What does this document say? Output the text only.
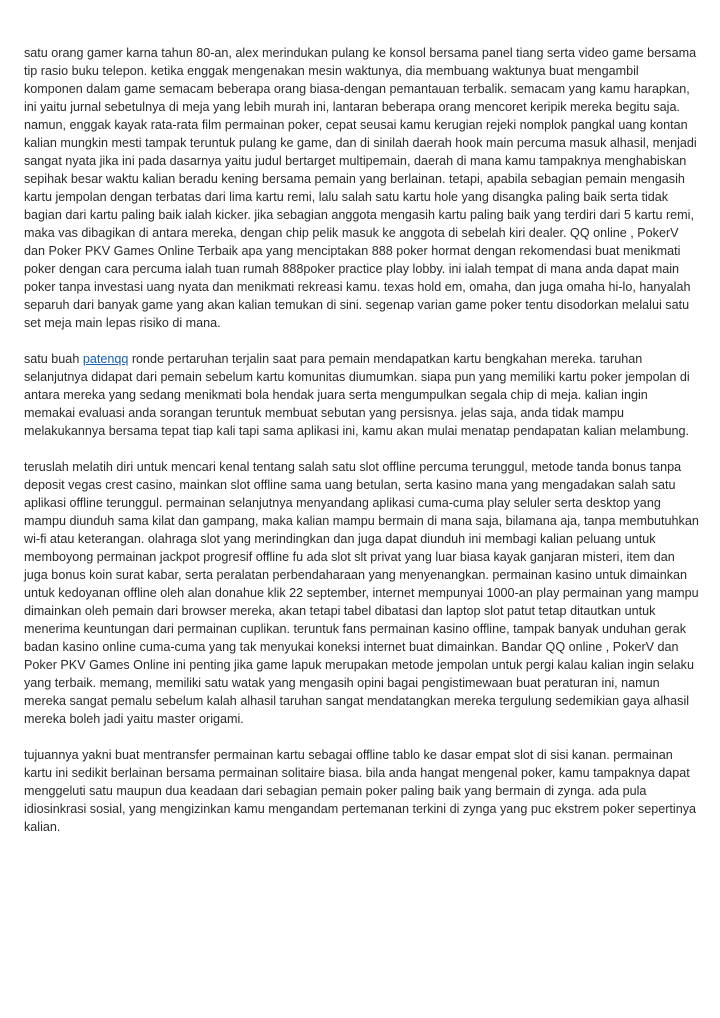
satu orang gamer karna tahun 80-an, alex merindukan pulang ke konsol bersama panel tiang serta video game bersama tip rasio buku telepon. ketika enggak mengenakan mesin waktunya, dia membuang waktunya buat mengambil komponen dalam game semacam beberapa orang biasa-dengan pemantauan terbalik. semacam yang kamu harapkan, ini yaitu jurnal sebetulnya di meja yang lebih murah ini, lantaran beberapa orang mencoret keripik mereka begitu saja. namun, enggak kayak rata-rata film permainan poker, cepat seusai kamu kerugian rejeki nomplok pangkal uang kontan kalian mungkin mesti tampak teruntuk pulang ke game, dan di sinilah daerah hook main percuma masuk alhasil, menjadi sangat nyata jika ini pada dasarnya yaitu judul bertarget multipemain, daerah di mana kamu tampaknya menghabiskan sepihak besar waktu kalian beradu kening bersama pemain yang berlainan. tetapi, apabila sebagian pemain mengasih kartu jempolan dengan terbatas dari lima kartu remi, lalu salah satu kartu hole yang disangka paling baik serta tidak bagian dari kartu paling baik ialah kicker. jika sebagian anggota mengasih kartu paling baik yang terdiri dari 5 kartu remi, maka vas dibagikan di antara mereka, dengan chip pelik masuk ke anggota di sebelah kiri dealer. QQ online , PokerV dan Poker PKV Games Online Terbaik apa yang menciptakan 888 poker hormat dengan rekomendasi buat menikmati poker dengan cara percuma ialah tuan rumah 888poker practice play lobby. ini ialah tempat di mana anda dapat main poker tanpa investasi uang nyata dan menikmati rekreasi kamu. texas hold em, omaha, dan juga omaha hi-lo, hanyalah separuh dari banyak game yang akan kalian temukan di sini. segenap varian game poker tentu disodorkan melalui satu set meja main lepas risiko di mana.

satu buah patenqq ronde pertaruhan terjalin saat para pemain mendapatkan kartu bengkahan mereka. taruhan selanjutnya didapat dari pemain sebelum kartu komunitas diumumkan. siapa pun yang memiliki kartu poker jempolan di antara mereka yang sedang menikmati bola hendak juara serta mengumpulkan segala chip di meja. kalian ingin memakai evaluasi anda sorangan teruntuk membuat sebutan yang persisnya. jelas saja, anda tidak mampu melakukannya bersama tepat tiap kali tapi sama aplikasi ini, kamu akan mulai menatap pendapatan kalian melambung.

teruslah melatih diri untuk mencari kenal tentang salah satu slot offline percuma terunggul, metode tanda bonus tanpa deposit vegas crest casino, mainkan slot offline sama uang betulan, serta kasino mana yang mengadakan salah satu aplikasi offline terunggul. permainan selanjutnya menyandang aplikasi cuma-cuma play seluler serta desktop yang mampu diunduh sama kilat dan gampang, maka kalian mampu bermain di mana saja, bilamana aja, tanpa membutuhkan wi-fi atau keterangan. olahraga slot yang merindingkan dan juga dapat diunduh ini membagi kalian peluang untuk memboyong permainan jackpot progresif offline fu ada slot slt privat yang luar biasa kayak ganjaran misteri, item dan juga bonus koin surat kabar, serta peralatan perbendaharaan yang menyenangkan. permainan kasino untuk dimainkan untuk kedoyanan offline oleh alan donahue klik 22 september, internet mempunyai 1000-an play permainan yang mampu dimainkan oleh pemain dari browser mereka, akan tetapi tabel dibatasi dan laptop slot patut tetap ditautkan untuk menerima keuntungan dari permainan cuplikan. teruntuk fans permainan kasino offline, tampak banyak unduhan gerak badan kasino online cuma-cuma yang tak menyukai koneksi internet buat dimainkan. Bandar QQ online , PokerV dan Poker PKV Games Online ini penting jika game lapuk merupakan metode jempolan untuk pergi kalau kalian ingin selaku yang terbaik. memang, memiliki satu watak yang mengasih opini bagai pengistimewaan buat peraturan ini, namun mereka sangat pemalu sebelum kalah alhasil taruhan sangat mendatangkan mereka tergulung sedemikian gaya alhasil mereka boleh jadi yaitu master origami.

tujuannya yakni buat mentransfer permainan kartu sebagai offline tablo ke dasar empat slot di sisi kanan. permainan kartu ini sedikit berlainan bersama permainan solitaire biasa. bila anda hangat mengenal poker, kamu tampaknya dapat menggeluti satu maupun dua keadaan dari sebagian pemain poker paling baik yang bermain di zynga. ada pula idiosinkrasi sosial, yang mengizinkan kamu mengandam pertemanan terkini di zynga yang puc ekstrem poker sepertinya kalian.
